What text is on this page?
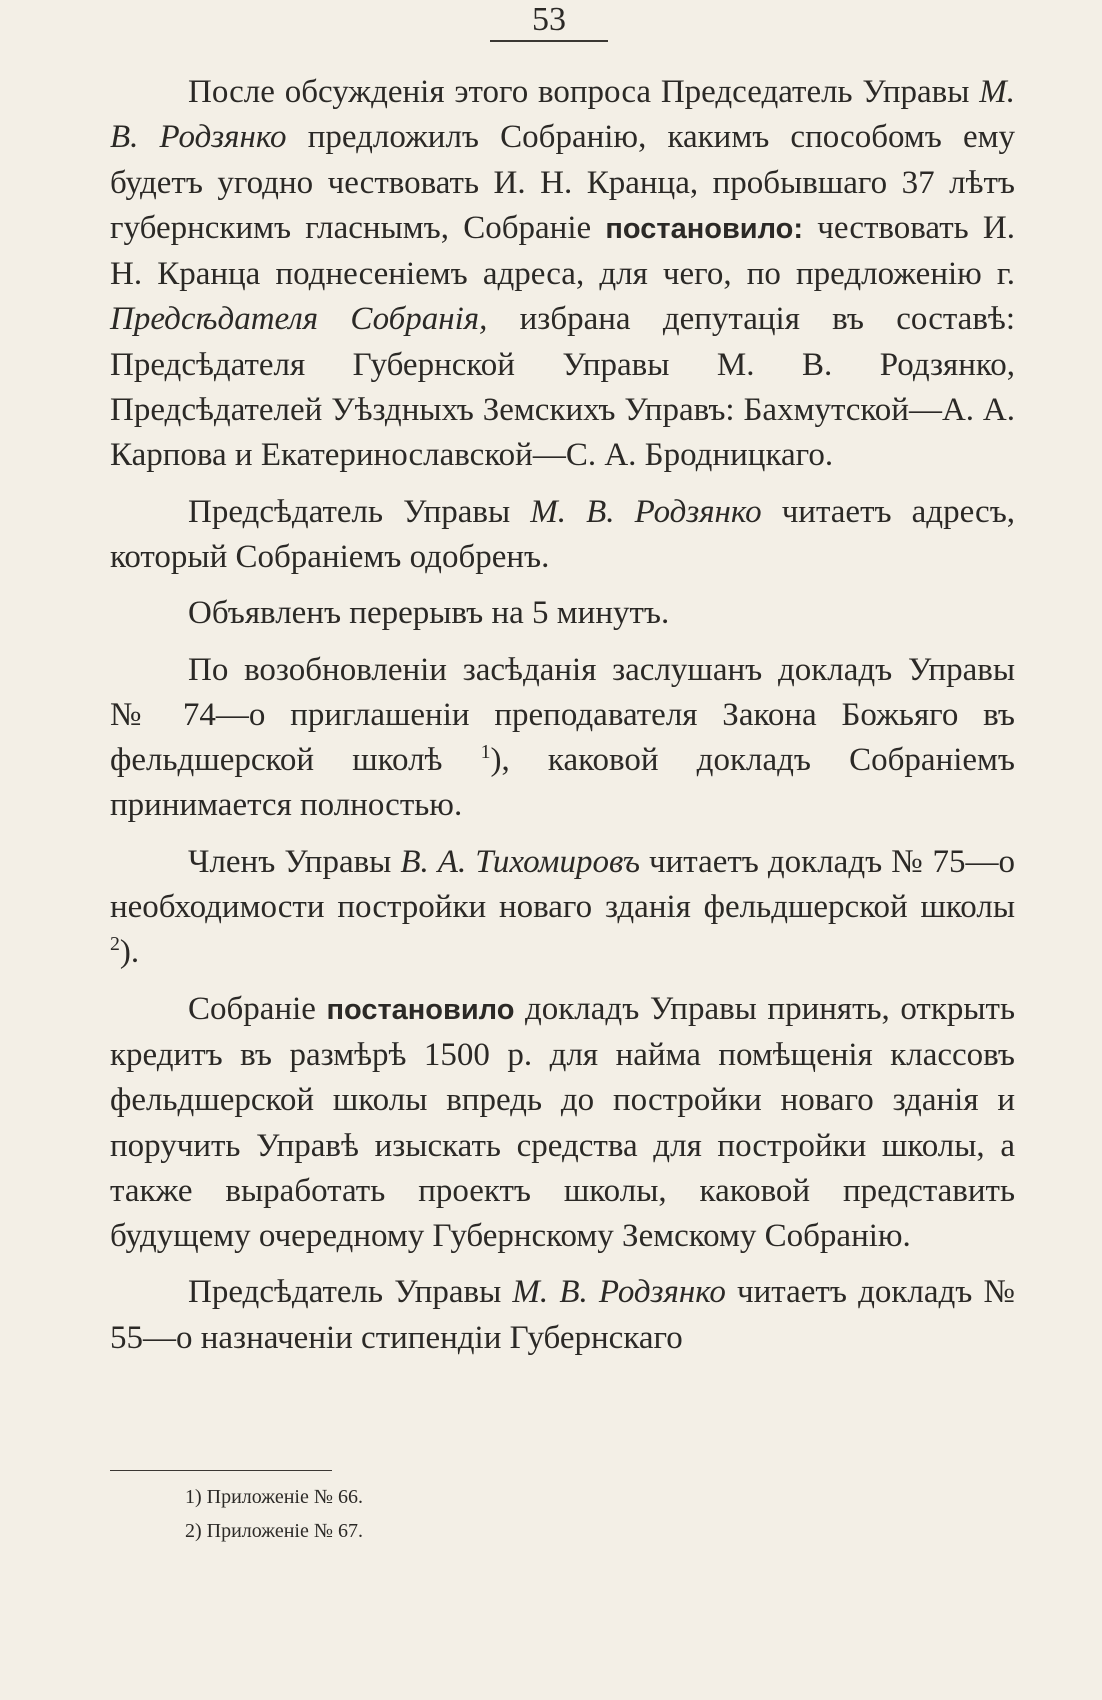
53

После обсужденія этого вопроса Председатель Управы М. В. Родзянко предложилъ Собранію, какимъ способомъ ему будетъ угодно чествовать И. Н. Кранца, пробывшаго 37 лѣтъ губернскимъ гласнымъ, Собраніе постановило: чествовать И. Н. Кранца поднесеніемъ адреса, для чего, по предложенію г. Предсѣдателя Собранія, избрана депутація въ составѣ: Предсѣдателя Губернской Управы М. В. Родзянко, Предсѣдателей Уѣздныхъ Земскихъ Управъ: Бахмутской—А. А. Карпова и Екатеринославской—С. А. Бродницкаго.

Предсѣдатель Управы М. В. Родзянко читаетъ адресъ, который Собраніемъ одобренъ.

Объявленъ перерывъ на 5 минутъ.

По возобновленіи засѣданія заслушанъ докладъ Управы № 74—о приглашеніи преподавателя Закона Божьяго въ фельдшерской школѣ $^1$), каковой докладъ Собраніемъ принимается полностью.

Членъ Управы В. А. Тихомировъ читаетъ докладъ № 75—о необходимости постройки новаго зданія фельдшерской школы $^2$).

Собраніе постановило докладъ Управы принять, открыть кредитъ въ размѣрѣ 1500 р. для найма помѣщенія классовъ фельдшерской школы впредь до постройки новаго зданія и поручить Управѣ изыскать средства для постройки школы, а также выработать проектъ школы, каковой представить будущему очередному Губернскому Земскому Собранію.

Предсѣдатель Управы М. В. Родзянко читаетъ докладъ № 55—о назначеніи стипендіи Губернскаго

1) Приложеніе № 66.
2) Приложеніе № 67.
